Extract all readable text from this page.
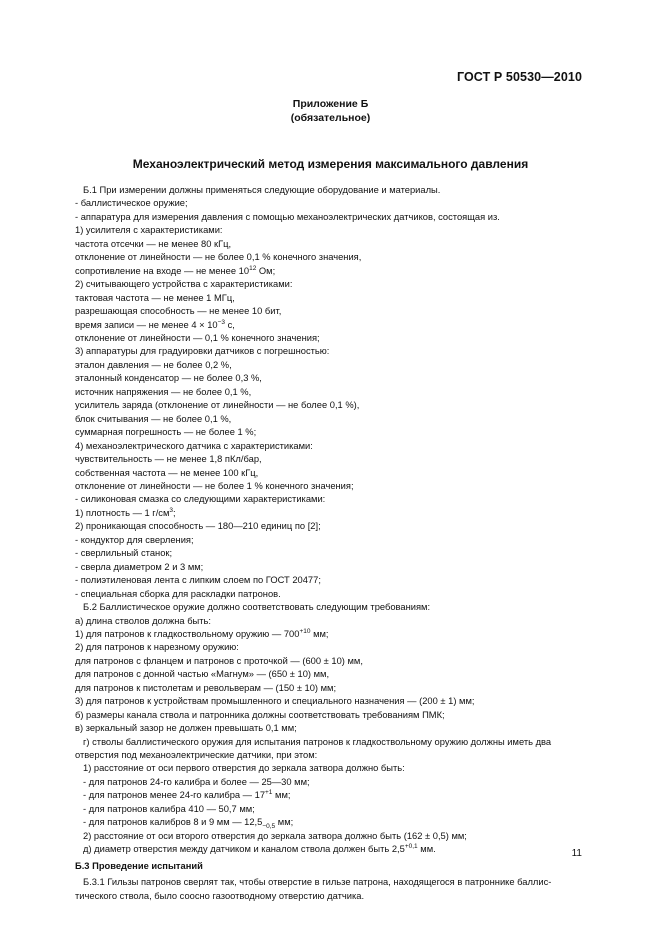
ГОСТ Р 50530—2010
Приложение Б
(обязательное)
Механоэлектрический метод измерения максимального давления

Б.1 При измерении должны применяться следующие оборудование и материалы.

- баллистическое оружие;

- аппаратура для измерения давления с помощью механоэлектрических датчиков, состоящая из.

1) усилителя с характеристиками:

частота отсечки — не менее 80 кГц,

отклонение от линейности — не более 0,1 % конечного значения,

сопротивление на входе — не менее $10^{12}$ Ом;

2) считывающего устройства с характеристиками:

тактовая частота — не менее 1 МГц,

разрешающая способность — не менее 10 бит,

время записи — не менее $4 \times 10^{-3}$ с,

отклонение от линейности — 0,1 % конечного значения;

3) аппаратуры для градуировки датчиков с погрешностью:

эталон давления — не более 0,2 %,

эталонный конденсатор — не более 0,3 %,

источник напряжения — не более 0,1 %,

усилитель заряда (отклонение от линейности — не более 0,1 %),

блок считывания — не более 0,1 %,

суммарная погрешность — не более 1 %;

4) механоэлектрического датчика с характеристиками:

чувствительность — не менее 1,8 пКл/бар,

собственная частота — не менее 100 кГц,

отклонение от линейности — не более 1 % конечного значения;

- силиконовая смазка со следующими характеристиками:

1) плотность — 1 $г/см^3$;

2) проникающая способность — 180—210 единиц по [2];

- кондуктор для сверления;

- сверлильный станок;

- сверла диаметром 2 и 3 мм;

- полиэтиленовая лента с липким слоем по ГОСТ 20477;

- специальная сборка для раскладки патронов.

Б.2 Баллистическое оружие должно соответствовать следующим требованиям:

а) длина стволов должна быть:

1) для патронов к гладкоствольному оружию — $700^{+10}$ мм;

2) для патронов к нарезному оружию:

для патронов с фланцем и патронов с проточкой — (600 ± 10) мм,

для патронов с донной частью «Магнум» — (650 ± 10) мм,

для патронов к пистолетам и револьверам — (150 ± 10) мм;

3) для патронов к устройствам промышленного и специального назначения — (200 ± 1) мм;

б) размеры канала ствола и патронника должны соответствовать требованиям ПМК;

в) зеркальный зазор не должен превышать 0,1 мм;

г) стволы баллистического оружия для испытания патронов к гладкоствольному оружию должны иметь два

отверстия под механоэлектрические датчики, при этом:

1) расстояние от оси первого отверстия до зеркала затвора должно быть:

- для патронов 24-го калибра и более — 25—30 мм;

- для патронов менее 24-го калибра — $17^{+1}$ мм;

- для патронов калибра 410 — 50,7 мм;

- для патронов калибров 8 и 9 мм — $12,5_{-0,5}$ мм;

2) расстояние от оси второго отверстия до зеркала затвора должно быть (162 ± 0,5) мм;

д) диаметр отверстия между датчиком и каналом ствола должен быть $2,5^{+0,1}$ мм.

Б.3 Проведение испытаний

Б.3.1 Гильзы патронов сверлят так, чтобы отверстие в гильзе патрона, находящегося в патроннике баллис-

тического ствола, было соосно газоотводному отверстию датчика.

11
